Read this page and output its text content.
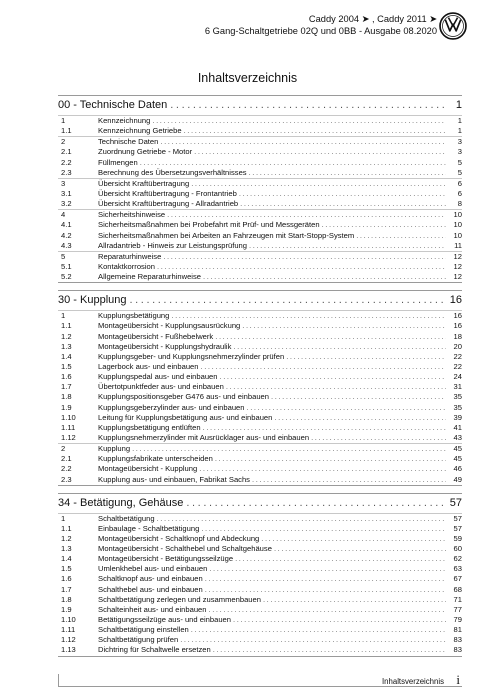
Caddy 2004 ➤ , Caddy 2011 ➤
6 Gang-Schaltgetriebe 02Q und 0BB - Ausgabe 08.2020
Inhaltsverzeichnis
00 - Technische Daten .....	1
1	Kennzeichnung .....	1
1.1	Kennzeichnung Getriebe .....	1
2	Technische Daten .....	3
2.1	Zuordnung Getriebe - Motor .....	3
2.2	Füllmengen .....	5
2.3	Berechnung des Übersetzungsverhältnisses .....	5
3	Übersicht Kraftübertragung .....	6
3.1	Übersicht Kraftübertragung - Frontantrieb .....	6
3.2	Übersicht Kraftübertragung - Allradantrieb .....	8
4	Sicherheitshinweise .....	10
4.1	Sicherheitsmaßnahmen bei Probefahrt mit Prüf- und Messgeräten .....	10
4.2	Sicherheitsmaßnahmen bei Arbeiten an Fahrzeugen mit Start-Stopp-System .....	10
4.3	Allradantrieb - Hinweis zur Leistungsprüfung .....	11
5	Reparaturhinweise .....	12
5.1	Kontaktkorrosion .....	12
5.2	Allgemeine Reparaturhinweise .....	12
30 - Kupplung .....	16
1	Kupplungsbetätigung .....	16
1.1	Montageübersicht - Kupplungsausrückung .....	16
1.2	Montageübersicht - Fußhebelwerk .....	18
1.3	Montageübersicht - Kupplungshydraulik .....	20
1.4	Kupplungsgeber- und Kupplungsnehmerzylinder prüfen .....	22
1.5	Lagerbock aus- und einbauen .....	22
1.6	Kupplungspedal aus- und einbauen .....	24
1.7	Übertotpunktfeder aus- und einbauen .....	31
1.8	Kupplungspositionsgeber G476 aus- und einbauen .....	35
1.9	Kupplungsgeberzylinder aus- und einbauen .....	35
1.10	Leitung für Kupplungsbetätigung aus- und einbauen .....	39
1.11	Kupplungsbetätigung entlüften .....	41
1.12	Kupplungsnehmerzylinder mit Ausrücklager aus- und einbauen .....	43
2	Kupplung .....	45
2.1	Kupplungsfabrikate unterscheiden .....	45
2.2	Montageübersicht - Kupplung .....	46
2.3	Kupplung aus- und einbauen, Fabrikat Sachs .....	49
34 - Betätigung, Gehäuse .....	57
1	Schaltbetätigung .....	57
1.1	Einbaulage - Schaltbetätigung .....	57
1.2	Montageübersicht - Schaltknopf und Abdeckung .....	59
1.3	Montageübersicht - Schalthebel und Schaltgehäuse .....	60
1.4	Montageübersicht - Betätigungsseilzüge .....	62
1.5	Umlenkhebel aus- und einbauen .....	63
1.6	Schaltknopf aus- und einbauen .....	67
1.7	Schalthebel aus- und einbauen .....	68
1.8	Schaltbetätigung zerlegen und zusammenbauen .....	71
1.9	Schalteinheit aus- und einbauen .....	77
1.10	Betätigungsseilzüge aus- und einbauen .....	79
1.11	Schaltbetätigung einstellen .....	81
1.12	Schaltbetätigung prüfen .....	83
1.13	Dichtring für Schaltwelle ersetzen .....	83
Inhaltsverzeichnis i
